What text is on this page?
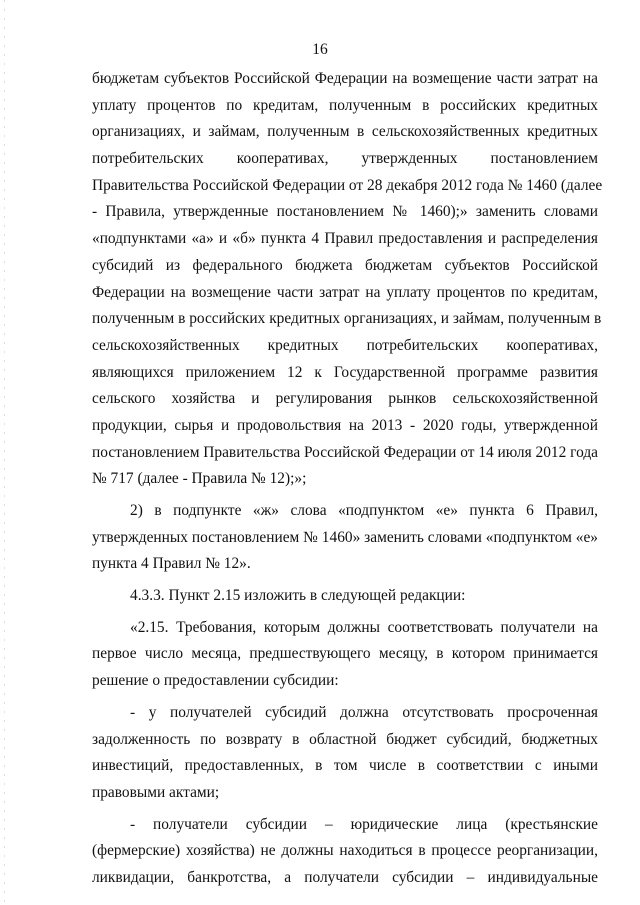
16
бюджетам субъектов Российской Федерации на возмещение части затрат на
уплату процентов по кредитам, полученным в российских кредитных
организациях, и займам, полученным в сельскохозяйственных кредитных
потребительских кооперативах, утвержденных постановлением
Правительства Российской Федерации от 28 декабря 2012 года № 1460 (далее
- Правила, утвержденные постановлением № 1460);» заменить словами
«подпунктами «а» и «б» пункта 4 Правил предоставления и распределения
субсидий из федерального бюджета бюджетам субъектов Российской
Федерации на возмещение части затрат на уплату процентов по кредитам,
полученным в российских кредитных организациях, и займам, полученным в
сельскохозяйственных кредитных потребительских кооперативах,
являющихся приложением 12 к Государственной программе развития
сельского хозяйства и регулирования рынков сельскохозяйственной
продукции, сырья и продовольствия на 2013 - 2020 годы, утвержденной
постановлением Правительства Российской Федерации от 14 июля 2012 года
№ 717 (далее - Правила № 12);»;
2) в подпункте «ж» слова «подпунктом «е» пункта 6 Правил,
утвержденных постановлением № 1460» заменить словами «подпунктом «е»
пункта 4 Правил № 12».
4.3.3. Пункт 2.15 изложить в следующей редакции:
«2.15. Требования, которым должны соответствовать получатели на
первое число месяца, предшествующего месяцу, в котором принимается
решение о предоставлении субсидии:
- у получателей субсидий должна отсутствовать просроченная
задолженность по возврату в областной бюджет субсидий, бюджетных
инвестиций, предоставленных, в том числе в соответствии с иными
правовыми актами;
- получатели субсидии – юридические лица (крестьянские
(фермерские) хозяйства) не должны находиться в процессе реорганизации,
ликвидации, банкротства, а получатели субсидии – индивидуальные
